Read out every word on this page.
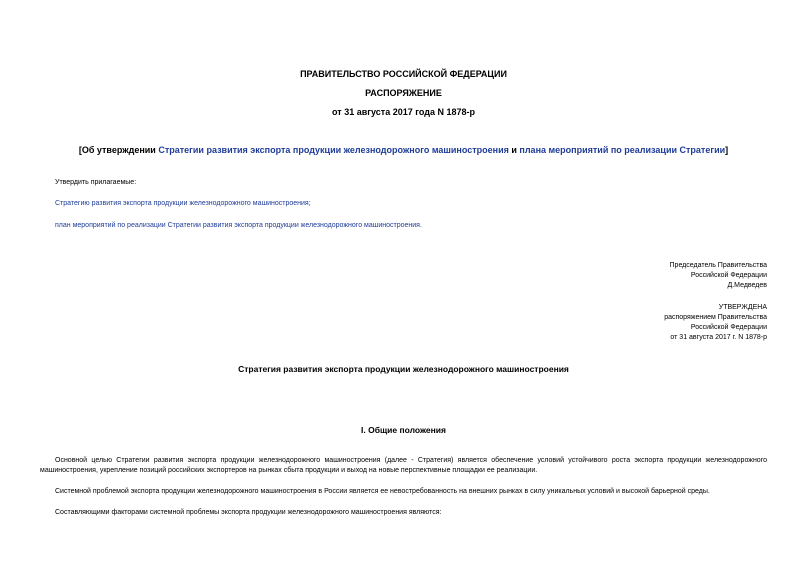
ПРАВИТЕЛЬСТВО РОССИЙСКОЙ ФЕДЕРАЦИИ
РАСПОРЯЖЕНИЕ
от 31 августа 2017 года N 1878-р
[Об утверждении Стратегии развития экспорта продукции железнодорожного машиностроения и плана мероприятий по реализации Стратегии]
Утвердить прилагаемые:
Стратегию развития экспорта продукции железнодорожного машиностроения;
план мероприятий по реализации Стратегии развития экспорта продукции железнодорожного машиностроения.
Председатель Правительства
Российской Федерации
Д.Медведев
УТВЕРЖДЕНА
распоряжением Правительства
Российской Федерации
от 31 августа 2017 г. N 1878-р
Стратегия развития экспорта продукции железнодорожного машиностроения
I. Общие положения
Основной целью Стратегии развития экспорта продукции железнодорожного машиностроения (далее - Стратегия) является обеспечение условий устойчивого роста экспорта продукции железнодорожного машиностроения, укрепление позиций российских экспортеров на рынках сбыта продукции и выход на новые перспективные площадки ее реализации.
Системной проблемой экспорта продукции железнодорожного машиностроения в России является ее невостребованность на внешних рынках в силу уникальных условий и высокой барьерной среды.
Составляющими факторами системной проблемы экспорта продукции железнодорожного машиностроения являются:
